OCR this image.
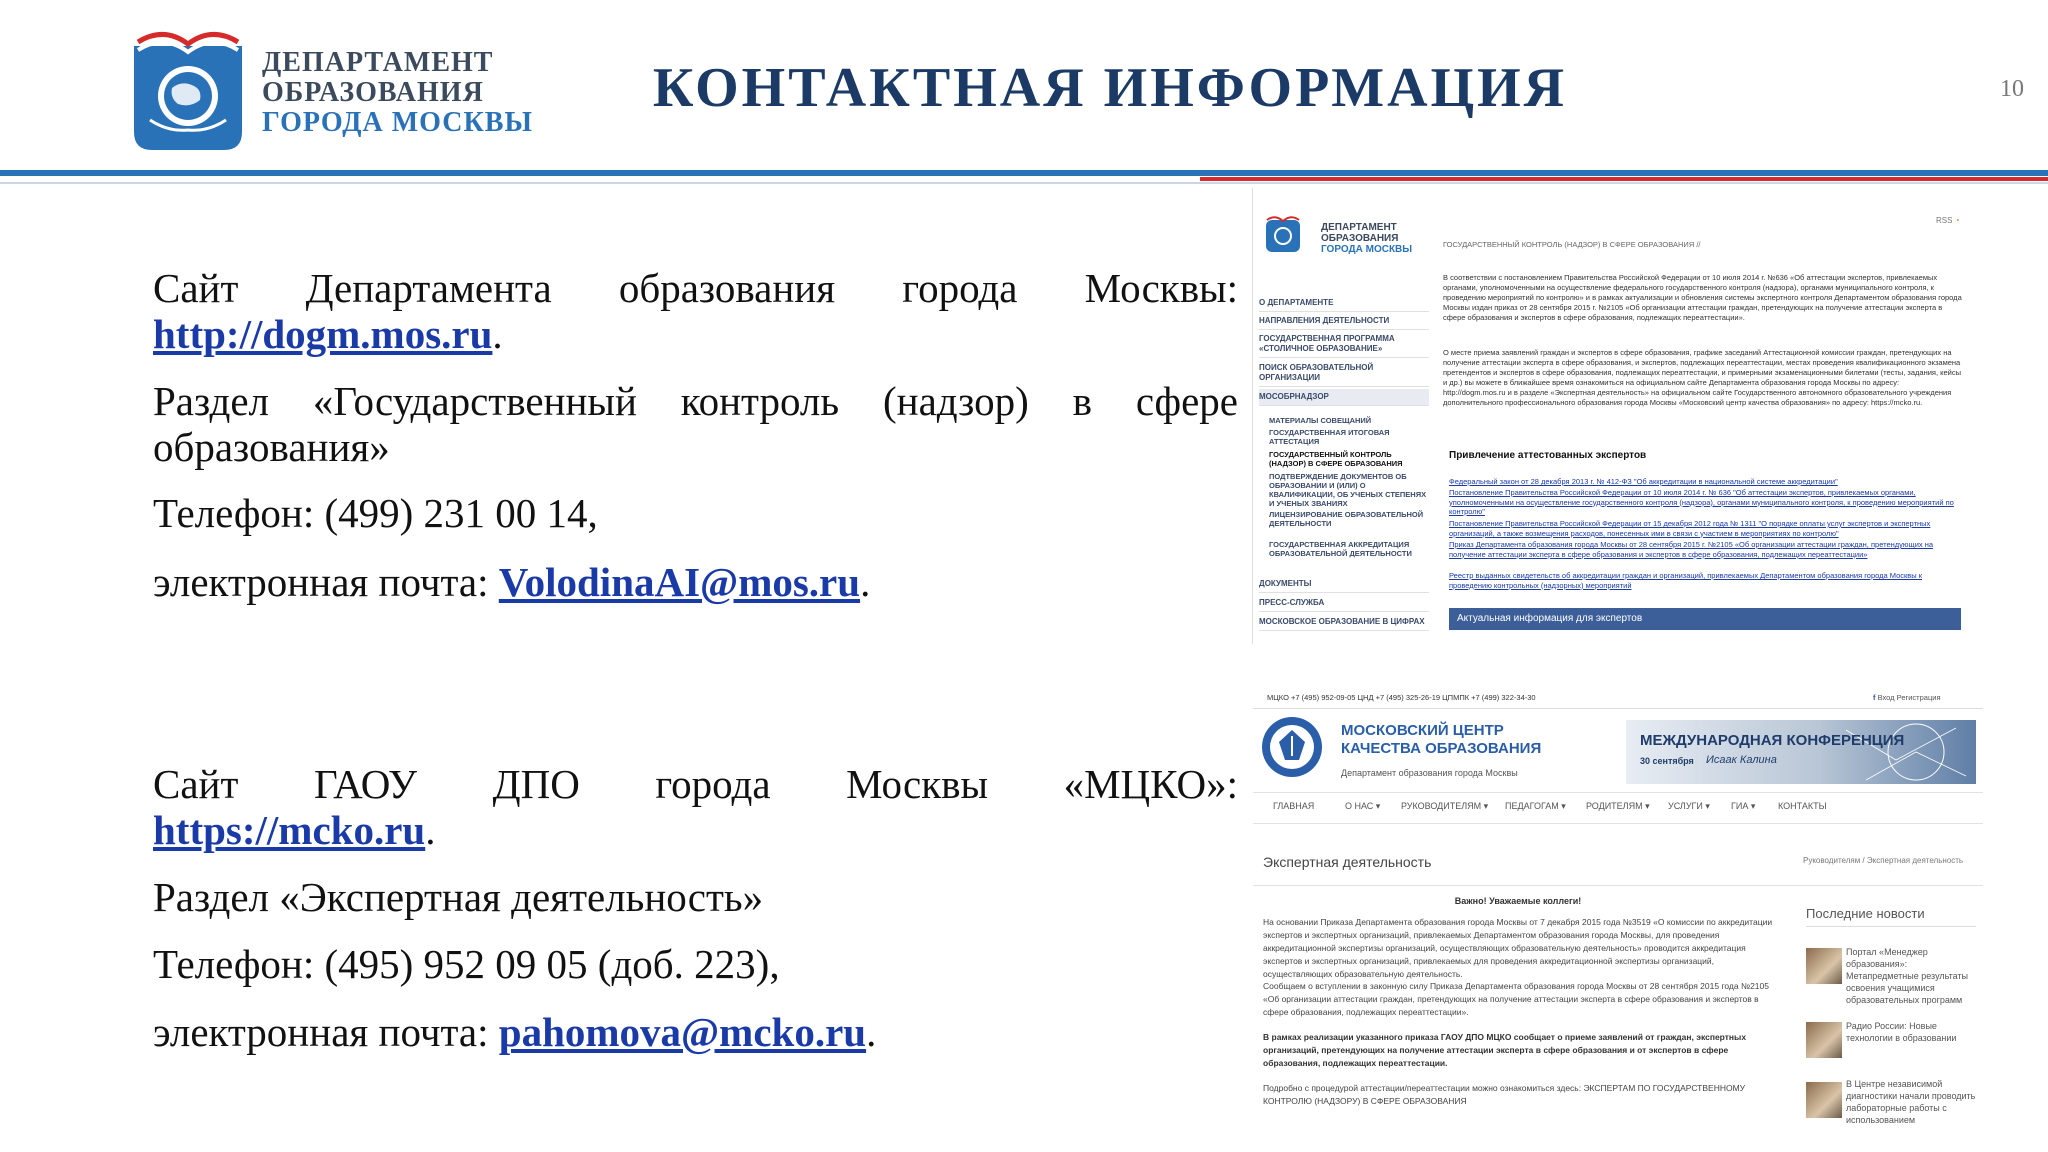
ДЕПАРТАМЕНТ
ОБРАЗОВАНИЯ
ГОРОДА МОСКВЫ
КОНТАКТНАЯ ИНФОРМАЦИЯ	10
Сайт Департамента образования города Москвы:
http://dogm.mos.ru.
Раздел «Государственный контроль (надзор) в сфере образования»
Телефон: (499) 231 00 14,
электронная почта: VolodinaAI@mos.ru.
Сайт ГАОУ ДПО города Москвы «МЦКО»:
https://mcko.ru.
Раздел «Экспертная деятельность»
Телефон: (495) 952 09 05 (доб. 223),
электронная почта: pahomova@mcko.ru.
ДЕПАРТАМЕНТ
ОБРАЗОВАНИЯ
ГОРОДА МОСКВЫ
RSS ◔
ГОСУДАРСТВЕННЫЙ КОНТРОЛЬ (НАДЗОР) В СФЕРЕ ОБРАЗОВАНИЯ //
О ДЕПАРТАМЕНТЕ
НАПРАВЛЕНИЯ ДЕЯТЕЛЬНОСТИ
ГОСУДАРСТВЕННАЯ ПРОГРАММА «СТОЛИЧНОЕ ОБРАЗОВАНИЕ»
ПОИСК ОБРАЗОВАТЕЛЬНОЙ ОРГАНИЗАЦИИ
МОСОБРНАДЗОР
МАТЕРИАЛЫ СОВЕЩАНИЙ
ГОСУДАРСТВЕННАЯ ИТОГОВАЯ АТТЕСТАЦИЯ
ГОСУДАРСТВЕННЫЙ КОНТРОЛЬ (НАДЗОР) В СФЕРЕ ОБРАЗОВАНИЯ
ПОДТВЕРЖДЕНИЕ ДОКУМЕНТОВ ОБ ОБРАЗОВАНИИ И (ИЛИ) О КВАЛИФИКАЦИИ, ОБ УЧЕНЫХ СТЕПЕНЯХ И УЧЕНЫХ ЗВАНИЯХ
ЛИЦЕНЗИРОВАНИЕ ОБРАЗОВАТЕЛЬНОЙ ДЕЯТЕЛЬНОСТИ
ГОСУДАРСТВЕННАЯ АККРЕДИТАЦИЯ ОБРАЗОВАТЕЛЬНОЙ ДЕЯТЕЛЬНОСТИ
ДОКУМЕНТЫ
ПРЕСС-СЛУЖБА
МОСКОВСКОЕ ОБРАЗОВАНИЕ В ЦИФРАХ
В соответствии с постановлением Правительства Российской Федерации от 10 июля 2014 г. №636 «Об аттестации экспертов, привлекаемых органами, уполномоченными на осуществление федерального государственного контроля (надзора), органами муниципального контроля, к проведению мероприятий по контролю» и в рамках актуализации и обновления системы экспертного контроля Департаментом образования города Москвы издан приказ от 28 сентября 2015 г. №2105 «Об организации аттестации граждан, претендующих на получение аттестации эксперта в сфере образования и экспертов в сфере образования, подлежащих переаттестации».
О месте приема заявлений граждан и экспертов в сфере образования, графике заседаний Аттестационной комиссии граждан, претендующих на получение аттестации эксперта в сфере образования, и экспертов, подлежащих переаттестации, местах проведения квалификационного экзамена претендентов и экспертов в сфере образования, подлежащих переаттестации, и примерными экзаменационными билетами (тесты, задания, кейсы и др.) вы можете в ближайшее время ознакомиться на официальном сайте Департамента образования города Москвы по адресу: http://dogm.mos.ru и в разделе «Экспертная деятельность» на официальном сайте Государственного автономного образовательного учреждения дополнительного профессионального образования города Москвы «Московский центр качества образования» по адресу: https://mcko.ru.
Привлечение аттестованных экспертов
Федеральный закон от 28 декабря 2013 г. № 412-ФЗ "Об аккредитации в национальной системе аккредитации"
Постановление Правительства Российской Федерации от 10 июля 2014 г. № 636 "Об аттестации экспертов, привлекаемых органами, уполномоченными на осуществление государственного контроля (надзора), органами муниципального контроля, к проведению мероприятий по контролю"
Постановление Правительства Российской Федерации от 15 декабря 2012 года № 1311 "О порядке оплаты услуг экспертов и экспертных организаций, а также возмещения расходов, понесенных ими в связи с участием в мероприятиях по контролю"
Приказ Департамента образования города Москвы от 28 сентября 2015 г. №2105 «Об организации аттестации граждан, претендующих на получение аттестации эксперта в сфере образования и экспертов в сфере образования, подлежащих переаттестации»
Реестр выданных свидетельств об аккредитации граждан и организаций, привлекаемых Департаментом образования города Москвы к проведению контрольных (надзорных) мероприятий
Актуальная информация для экспертов
МЦКО +7 (495) 952-09-05 ЦНД +7 (495) 325-26-19 ЦПМПК +7 (499) 322-34-30	f Вход Регистрация
МОСКОВСКИЙ ЦЕНТР
КАЧЕСТВА ОБРАЗОВАНИЯ
Департамент образования города Москвы
МЕЖДУНАРОДНАЯ КОНФЕРЕНЦИЯ
30 сентября Исаак Калина
ГЛАВНАЯ	О НАС ▾ РУКОВОДИТЕЛЯМ ▾ ПЕДАГОГАМ ▾ РОДИТЕЛЯМ ▾ УСЛУГИ ▾ ГИА ▾	КОНТАКТЫ
Экспертная деятельность	Руководителям / Экспертная деятельность
Важно! Уважаемые коллеги!
На основании Приказа Департамента образования города Москвы от 7 декабря 2015 года №3519 «О комиссии по аккредитации экспертов и экспертных организаций, привлекаемых Департаментом образования города Москвы, для проведения аккредитационной экспертизы организаций, осуществляющих образовательную деятельность» проводится аккредитация экспертов и экспертных организаций, привлекаемых для проведения аккредитационной экспертизы организаций, осуществляющих образовательную деятельность.
Сообщаем о вступлении в законную силу Приказа Департамента образования города Москвы от 28 сентября 2015 года №2105 «Об организации аттестации граждан, претендующих на получение аттестации эксперта в сфере образования и экспертов в сфере образования, подлежащих переаттестации».
В рамках реализации указанного приказа ГАОУ ДПО МЦКО сообщает о приеме заявлений от граждан, экспертных организаций, претендующих на получение аттестации эксперта в сфере образования и от экспертов в сфере образования, подлежащих переаттестации.
Подробно с процедурой аттестации/переаттестации можно ознакомиться здесь: ЭКСПЕРТАМ ПО ГОСУДАРСТВЕННОМУ КОНТРОЛЮ (НАДЗОРУ) В СФЕРЕ ОБРАЗОВАНИЯ
Последние новости
Портал «Менеджер образования»: Метапредметные результаты освоения учащимися образовательных программ
Радио России: Новые технологии в образовании
В Центре независимой диагностики начали проводить лабораторные работы с использованием
